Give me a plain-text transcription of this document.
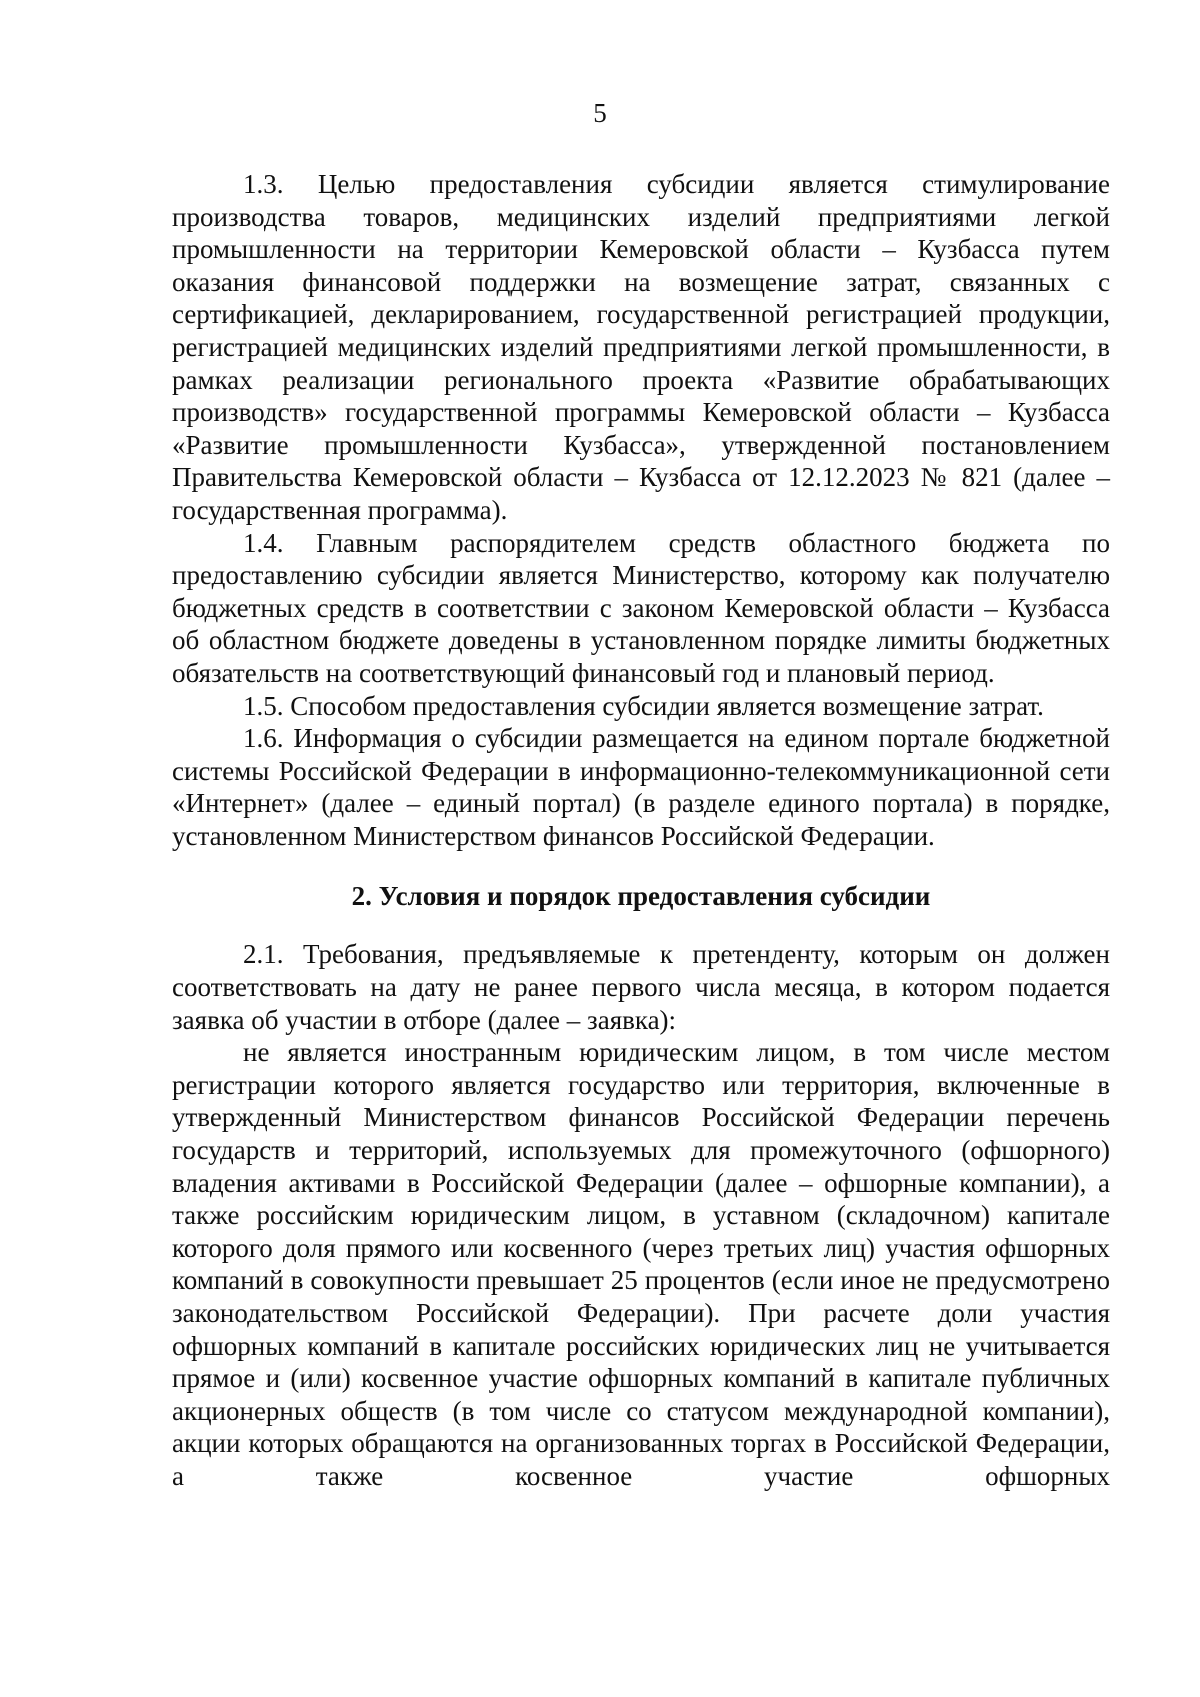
5

1.3. Целью предоставления субсидии является стимулирование производства товаров, медицинских изделий предприятиями легкой промышленности на территории Кемеровской области – Кузбасса путем оказания финансовой поддержки на возмещение затрат, связанных с сертификацией, декларированием, государственной регистрацией продукции, регистрацией медицинских изделий предприятиями легкой промышленности, в рамках реализации регионального проекта «Развитие обрабатывающих производств» государственной программы Кемеровской области – Кузбасса «Развитие промышленности Кузбасса», утвержденной постановлением Правительства Кемеровской области – Кузбасса от 12.12.2023 № 821 (далее – государственная программа).

1.4. Главным распорядителем средств областного бюджета по предоставлению субсидии является Министерство, которому как получателю бюджетных средств в соответствии с законом Кемеровской области – Кузбасса об областном бюджете доведены в установленном порядке лимиты бюджетных обязательств на соответствующий финансовый год и плановый период.

1.5. Способом предоставления субсидии является возмещение затрат.

1.6. Информация о субсидии размещается на едином портале бюджетной системы Российской Федерации в информационно-телекоммуникационной сети «Интернет» (далее – единый портал) (в разделе единого портала) в порядке, установленном Министерством финансов Российской Федерации.

2. Условия и порядок предоставления субсидии

2.1. Требования, предъявляемые к претенденту, которым он должен соответствовать на дату не ранее первого числа месяца, в котором подается заявка об участии в отборе (далее – заявка):

не является иностранным юридическим лицом, в том числе местом регистрации которого является государство или территория, включенные в утвержденный Министерством финансов Российской Федерации перечень государств и территорий, используемых для промежуточного (офшорного) владения активами в Российской Федерации (далее – офшорные компании), а также российским юридическим лицом, в уставном (складочном) капитале которого доля прямого или косвенного (через третьих лиц) участия офшорных компаний в совокупности превышает 25 процентов (если иное не предусмотрено законодательством Российской Федерации). При расчете доли участия офшорных компаний в капитале российских юридических лиц не учитывается прямое и (или) косвенное участие офшорных компаний в капитале публичных акционерных обществ (в том числе со статусом международной компании), акции которых обращаются на организованных торгах в Российской Федерации, а также косвенное участие офшорных
